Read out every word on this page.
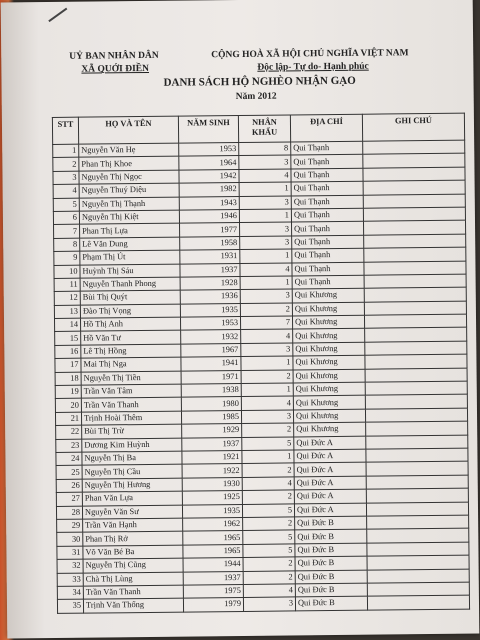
UỶ BAN NHÂN DÂN
XÃ QUỚI ĐIỀN
CỘNG HOÀ XÃ HỘI CHỦ NGHĨA VIỆT NAM
Độc lập- Tự do- Hạnh phúc
DANH SÁCH HỘ NGHÈO NHẬN GẠO
Năm 2012
STT	HỌ VÀ TÊN	NĂM SINH	NHÂN KHẨU	ĐỊA CHỈ	GHI CHÚ
1	Nguyễn Văn Hẹ	1953	8	Qui Thạnh	
2	Phan Thị Khoe	1964	3	Qui Thạnh	
3	Nguyễn Thị Ngọc	1942	4	Qui Thạnh	
4	Nguyễn Thuý Diệu	1982	1	Qui Thạnh	
5	Nguyễn Thị Thạnh	1943	3	Qui Thạnh	
6	Nguyễn Thị Kiệt	1946	1	Qui Thạnh	
7	Phan Thị Lựa	1977	3	Qui Thạnh	
8	Lê Văn Dung	1958	3	Qui Thạnh	
9	Phạm Thị Út	1931	1	Qui Thạnh	
10	Huỳnh Thị Sáu	1937	4	Qui Thạnh	
11	Nguyễn Thanh Phong	1928	1	Qui Thạnh	
12	Bùi Thị Quýt	1936	3	Qui Khương	
13	Đào Thị Vọng	1935	2	Qui Khương	
14	Hồ Thị Anh	1953	7	Qui Khương	
15	Hồ Văn Tư	1932	4	Qui Khương	
16	Lê Thị Hồng	1967	3	Qui Khương	
17	Mai Thị Nga	1941	1	Qui Khương	
18	Nguyễn Thị Tiền	1971	2	Qui Khương	
19	Trần Văn Tâm	1938	1	Qui Khương	
20	Trần Văn Thanh	1980	4	Qui Khương	
21	Trịnh Hoài Thêm	1985	3	Qui Khương	
22	Bùi Thị Trừ	1929	2	Qui Khương	
23	Dương Kim Huỳnh	1937	5	Qui Đức A	
24	Nguyễn Thị Ba	1921	1	Qui Đức A	
25	Nguyễn Thị Cầu	1922	2	Qui Đức A	
26	Nguyễn Thị Hương	1930	4	Qui Đức A	
27	Phan Văn Lựa	1925	2	Qui Đức A	
28	Nguyễn Văn Sư	1935	5	Qui Đức A	
29	Trần Văn Hạnh	1962	2	Qui Đức B	
30	Phan Thị Rở	1965	5	Qui Đức B	
31	Võ Văn Bé Ba	1965	5	Qui Đức B	
32	Nguyễn Thị Cũng	1944	2	Qui Đức B	
33	Chà Thị Lùng	1937	2	Qui Đức B	
34	Trần Văn Thanh	1975	4	Qui Đức B	
35	Trịnh Văn Thống	1979	3	Qui Đức B	
